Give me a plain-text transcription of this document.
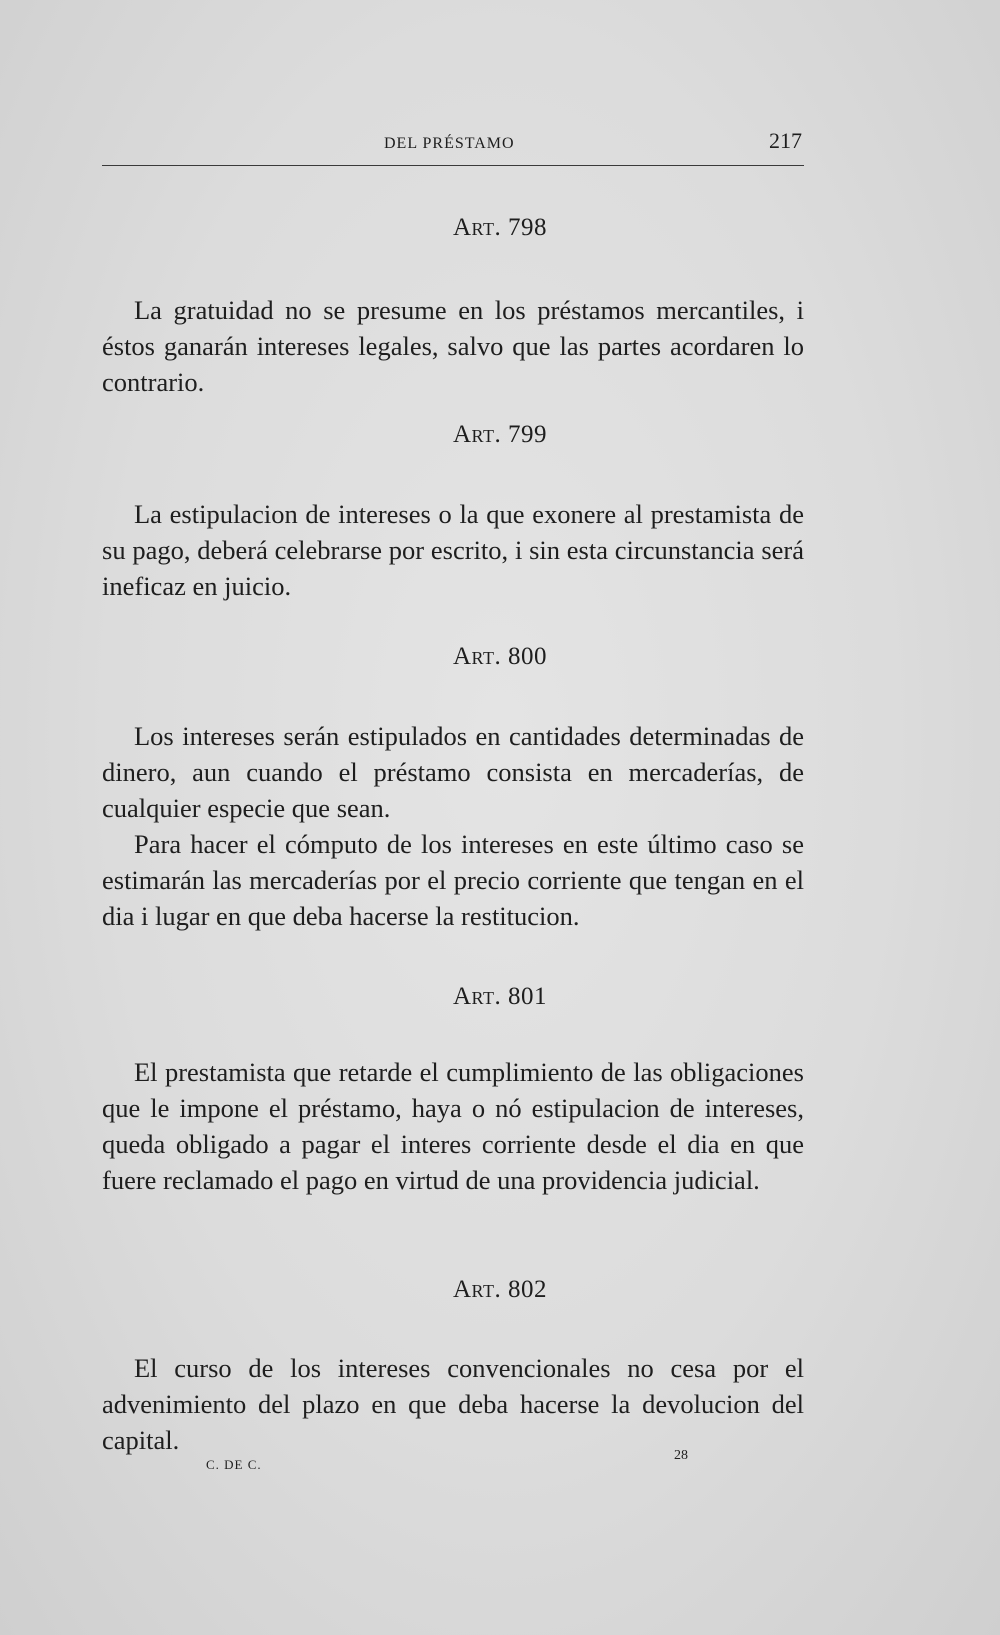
DEL PRÉSTAMO	217
Art. 798

La gratuidad no se presume en los préstamos mercantiles, i éstos ganarán intereses legales, salvo que las partes acordaren lo contrario.

Art. 799

La estipulacion de intereses o la que exonere al prestamista de su pago, deberá celebrarse por escrito, i sin esta circunstancia será ineficaz en juicio.

Art. 800

Los intereses serán estipulados en cantidades determinadas de dinero, aun cuando el préstamo consista en mercaderías, de cualquier especie que sean.

Para hacer el cómputo de los intereses en este último caso se estimarán las mercaderías por el precio corriente que tengan en el dia i lugar en que deba hacerse la restitucion.

Art. 801

El prestamista que retarde el cumplimiento de las obligaciones que le impone el préstamo, haya o nó estipulacion de intereses, queda obligado a pagar el interes corriente desde el dia en que fuere reclamado el pago en virtud de una providencia judicial.

Art. 802

El curso de los intereses convencionales no cesa por el advenimiento del plazo en que deba hacerse la devolucion del capital.

C. DE C.
28
